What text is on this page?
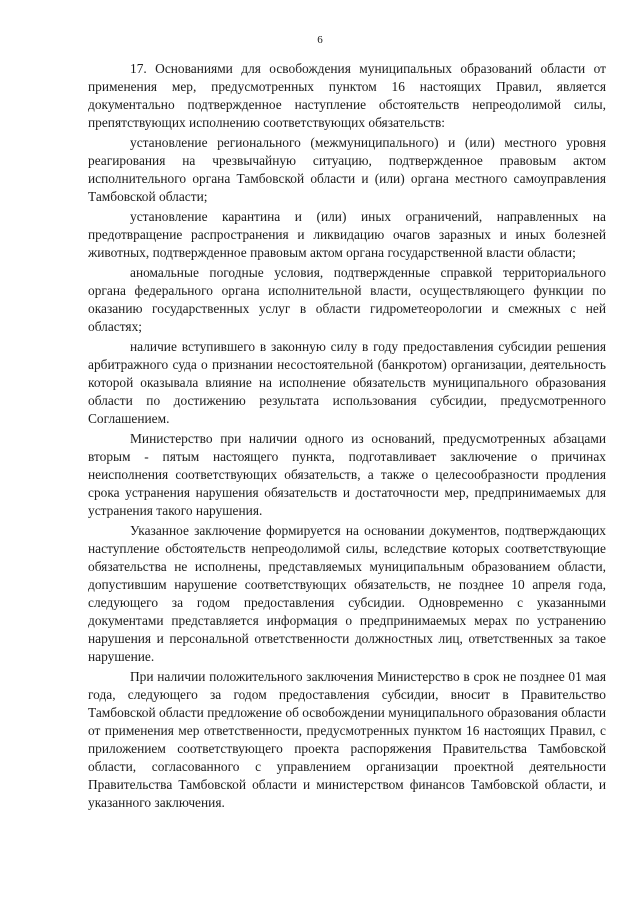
6

17. Основаниями для освобождения муниципальных образований области от применения мер, предусмотренных пунктом 16 настоящих Правил, является документально подтвержденное наступление обстоятельств непреодолимой силы, препятствующих исполнению соответствующих обязательств:

установление регионального (межмуниципального) и (или) местного уровня реагирования на чрезвычайную ситуацию, подтвержденное правовым актом исполнительного органа Тамбовской области и (или) органа местного самоуправления Тамбовской области;

установление карантина и (или) иных ограничений, направленных на предотвращение распространения и ликвидацию очагов заразных и иных болезней животных, подтвержденное правовым актом органа государственной власти области;

аномальные погодные условия, подтвержденные справкой территориального органа федерального органа исполнительной власти, осуществляющего функции по оказанию государственных услуг в области гидрометеорологии и смежных с ней областях;

наличие вступившего в законную силу в году предоставления субсидии решения арбитражного суда о признании несостоятельной (банкротом) организации, деятельность которой оказывала влияние на исполнение обязательств муниципального образования области по достижению результата использования субсидии, предусмотренного Соглашением.

Министерство при наличии одного из оснований, предусмотренных абзацами вторым - пятым настоящего пункта, подготавливает заключение о причинах неисполнения соответствующих обязательств, а также о целесообразности продления срока устранения нарушения обязательств и достаточности мер, предпринимаемых для устранения такого нарушения.

Указанное заключение формируется на основании документов, подтверждающих наступление обстоятельств непреодолимой силы, вследствие которых соответствующие обязательства не исполнены, представляемых муниципальным образованием области, допустившим нарушение соответствующих обязательств, не позднее 10 апреля года, следующего за годом предоставления субсидии. Одновременно с указанными документами представляется информация о предпринимаемых мерах по устранению нарушения и персональной ответственности должностных лиц, ответственных за такое нарушение.

При наличии положительного заключения Министерство в срок не позднее 01 мая года, следующего за годом предоставления субсидии, вносит в Правительство Тамбовской области предложение об освобождении муниципального образования области от применения мер ответственности, предусмотренных пунктом 16 настоящих Правил, с приложением соответствующего проекта распоряжения Правительства Тамбовской области, согласованного с управлением организации проектной деятельности Правительства Тамбовской области и министерством финансов Тамбовской области, и указанного заключения.
